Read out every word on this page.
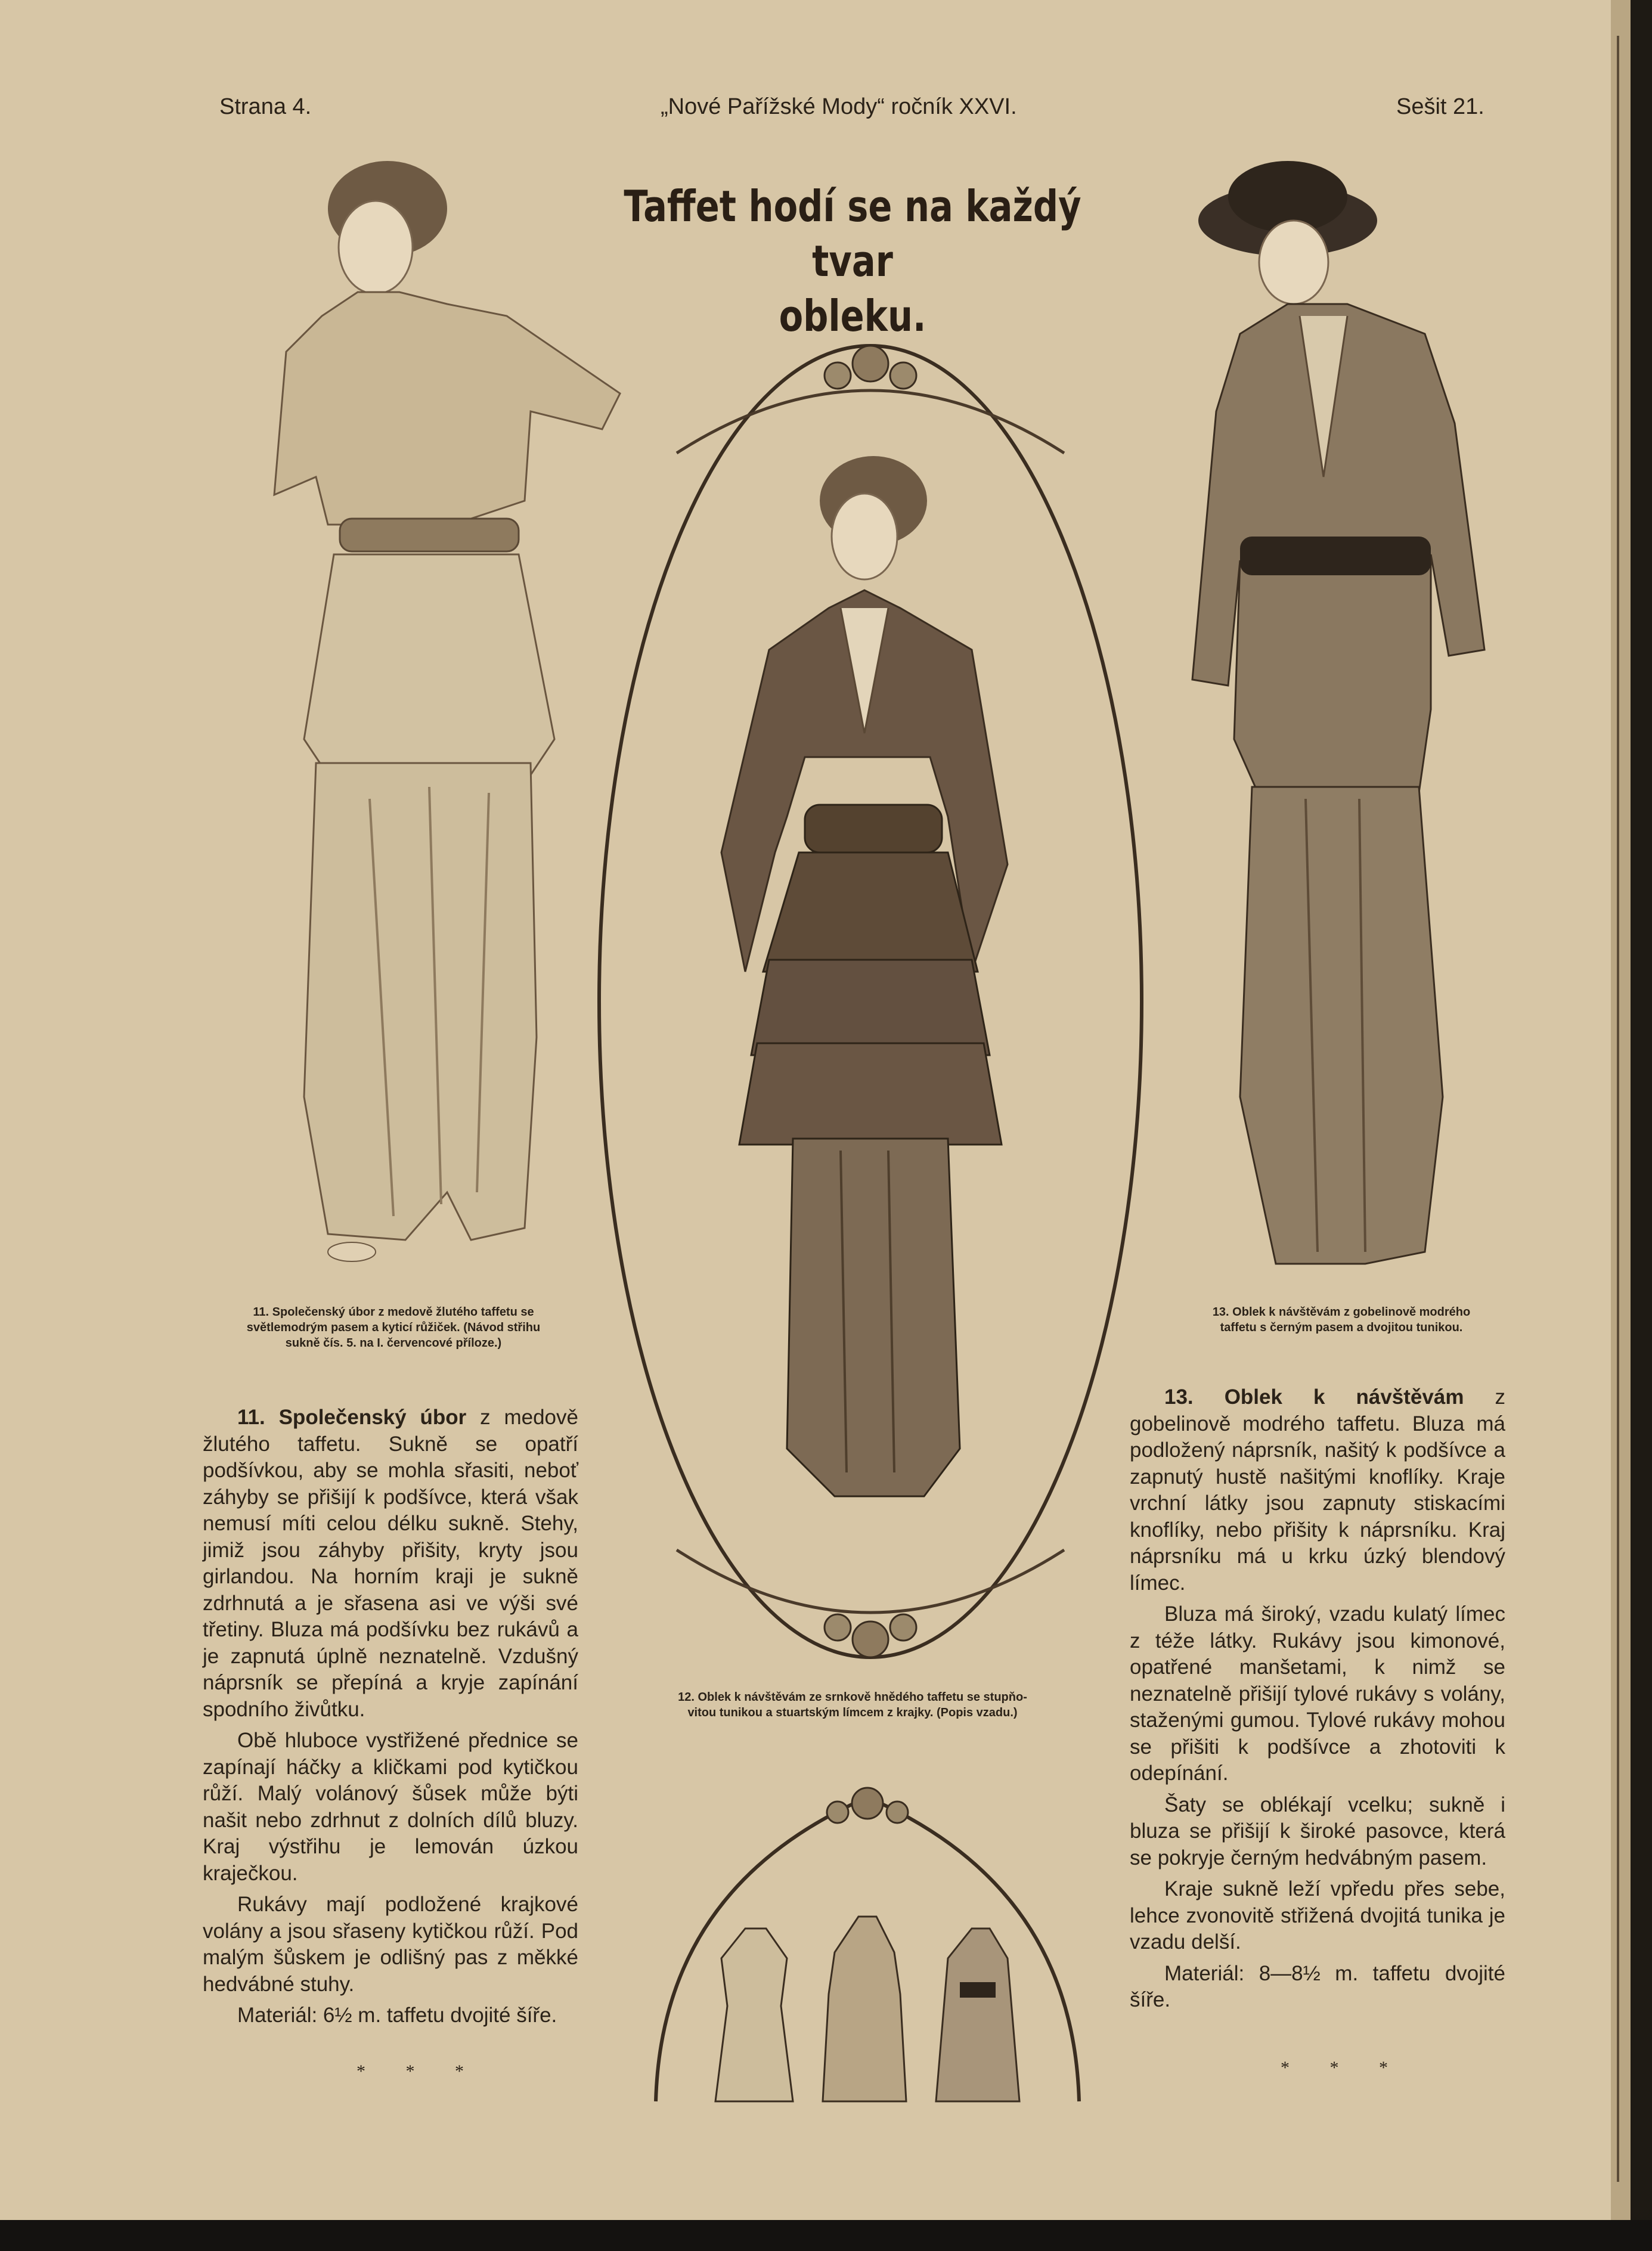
Strana 4.	„Nové Pařížské Mody“ ročník XXVI.	Sešit 21.
Taffet hodí se na každý tvar
obleku.
11. Společenský úbor z medově žlutého taffetu se
světlemodrým pasem a kyticí růžiček. (Návod střihu
sukně čís. 5. na I. červencové příloze.)
12. Oblek k návštěvám ze srnkově hnědého taffetu se stupňo-
vitou tunikou a stuartským límcem z krajky. (Popis vzadu.)
13. Oblek k návštěvám z gobelinově modrého
taffetu s černým pasem a dvojitou tunikou.

11. Společenský úbor z medově žlutého taffetu. Sukně se opatří podšívkou, aby se mohla sřasiti, neboť záhyby se přišijí k podšívce, která však nemusí míti celou délku sukně. Stehy, jimiž jsou záhyby přišity, kryty jsou girlandou. Na horním kraji je sukně zdrhnutá a je sřasena asi ve výši své třetiny. Bluza má podšívku bez rukávů a je zapnutá úplně neznatelně. Vzdušný náprsník se přepíná a kryje zapínání spodního živůtku.

Obě hluboce vystřižené přednice se zapínají háčky a kličkami pod kytičkou růží. Malý volánový šůsek může býti našit nebo zdrhnut z dolních dílů bluzy. Kraj výstřihu je lemován úzkou kraječkou.

Rukávy mají podložené krajkové volány a jsou sřaseny kytičkou růží. Pod malým šůskem je odlišný pas z měkké hedvábné stuhy.

Materiál: 6½ m. taffetu dvojité šíře.

* * *

13. Oblek k návštěvám z gobelinově modrého taffetu. Bluza má podložený náprsník, našitý k podšívce a zapnutý hustě našitými knoflíky. Kraje vrchní látky jsou zapnuty stiskacími knoflíky, nebo přišity k náprsníku. Kraj náprsníku má u krku úzký blendový límec.

Bluza má široký, vzadu kulatý límec z téže látky. Rukávy jsou kimonové, opatřené manšetami, k nimž se neznatelně přišijí tylové rukávy s volány, staženými gumou. Tylové rukávy mohou se přišiti k podšívce a zhotoviti k odepínání.

Šaty se oblékají vcelku; sukně i bluza se přišijí k široké pasovce, která se pokryje černým hedvábným pasem.

Kraje sukně leží vpředu přes sebe, lehce zvonovitě střižená dvojitá tunika je vzadu delší.

Materiál: 8—8½ m. taffetu dvojité šíře.

* * *
